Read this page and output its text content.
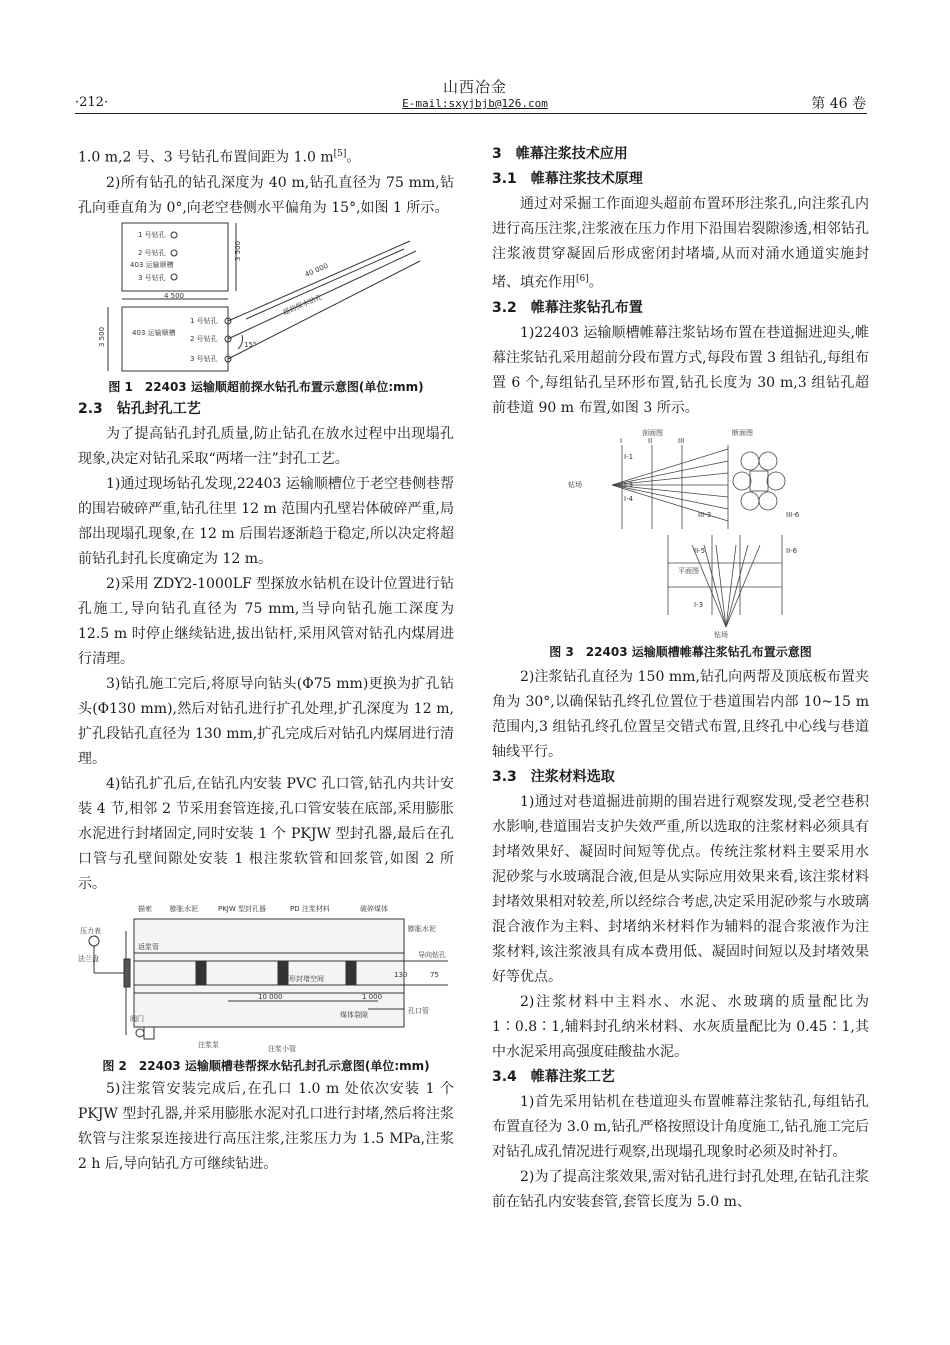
山西冶金
E-mail:sxyjbjb@126.com
·212·	第 46 卷

1.0 m,2 号、3 号钻孔布置间距为 1.0 m[5]。

2)所有钻孔的钻孔深度为 40 m,钻孔直径为 75 mm,钻孔向垂直角为 0°,向老空巷侧水平偏角为 15°,如图 1 所示。

1 号钻孔
2 号钻孔
403 运输顺槽
3 号钻孔
4 500
3 500
3 500
40 000
超前探水钻孔
1 号钻孔
2 号钻孔
3 号钻孔
403 运输顺槽
15°
图 1　22403 运输顺超前探水钻孔布置示意图(单位:mm)
2.3　钻孔封孔工艺

为了提高钻孔封孔质量,防止钻孔在放水过程中出现塌孔现象,决定对钻孔采取“两堵一注”封孔工艺。

1)通过现场钻孔发现,22403 运输顺槽位于老空巷侧巷帮的围岩破碎严重,钻孔往里 12 m 范围内孔壁岩体破碎严重,局部出现塌孔现象,在 12 m 后围岩逐渐趋于稳定,所以决定将超前钻孔封孔长度确定为 12 m。

2)采用 ZDY2-1000LF 型探放水钻机在设计位置进行钻孔施工,导向钻孔直径为 75 mm,当导向钻孔施工深度为 12.5 m 时停止继续钻进,拔出钻杆,采用风管对钻孔内煤屑进行清理。

3)钻孔施工完后,将原导向钻头(Φ75 mm)更换为扩孔钻头(Φ130 mm),然后对钻孔进行扩孔处理,扩孔深度为 12 m,扩孔段钻孔直径为 130 mm,扩孔完成后对钻孔内煤屑进行清理。

4)钻孔扩孔后,在钻孔内安装 PVC 孔口管,钻孔内共计安装 4 节,相邻 2 节采用套管连接,孔口管安装在底部,采用膨胀水泥进行封堵固定,同时安装 1 个 PKJW 型封孔器,最后在孔口管与孔壁间隙处安装 1 根注浆软管和回浆管,如图 2 所示。

描索	膨胀水泥	PKJW 型封孔器	PD 注浆材料	破碎煤体
压力表
返浆管
法兰盘
膨胀水泥
导向钻孔
环形封堵空间
阀门
孔口管
煤体裂隙
注浆泵	注浆小管
10 000	1 000
130	75
图 2　22403 运输顺槽巷帮探水钻孔封孔示意图(单位:mm)

5)注浆管安装完成后,在孔口 1.0 m 处依次安装 1 个 PKJW 型封孔器,并采用膨胀水泥对孔口进行封堵,然后将注浆软管与注浆泵连接进行高压注浆,注浆压力为 1.5 MPa,注浆 2 h 后,导向钻孔方可继续钻进。

3　帷幕注浆技术应用
3.1　帷幕注浆技术原理

通过对采掘工作面迎头超前布置环形注浆孔,向注浆孔内进行高压注浆,注浆液在压力作用下沿围岩裂隙渗透,相邻钻孔注浆液贯穿凝固后形成密闭封堵墙,从而对涌水通道实施封堵、填充作用[6]。

3.2　帷幕注浆钻孔布置

1)22403 运输顺槽帷幕注浆钻场布置在巷道掘进迎头,帷幕注浆钻孔采用超前分段布置方式,每段布置 3 组钻孔,每组布置 6 个,每组钻孔呈环形布置,钻孔长度为 30 m,3 组钻孔超前巷道 90 m 布置,如图 3 所示。

剖面图	断面图
钻场
平面图
钻场
I	II	III
I-1
I-3
I-4
III-3	III-6
II-5	II-6
I-3
图 3　22403 运输顺槽帷幕注浆钻孔布置示意图

2)注浆钻孔直径为 150 mm,钻孔向两帮及顶底板布置夹角为 30°,以确保钻孔终孔位置位于巷道围岩内部 10~15 m 范围内,3 组钻孔终孔位置呈交错式布置,且终孔中心线与巷道轴线平行。

3.3　注浆材料选取

1)通过对巷道掘进前期的围岩进行观察发现,受老空巷积水影响,巷道围岩支护失效严重,所以选取的注浆材料必须具有封堵效果好、凝固时间短等优点。传统注浆材料主要采用水泥砂浆与水玻璃混合液,但是从实际应用效果来看,该注浆材料封堵效果相对较差,所以经综合考虑,决定采用泥砂浆与水玻璃混合液作为主料、封堵纳米材料作为辅料的混合浆液作为注浆材料,该注浆液具有成本费用低、凝固时间短以及封堵效果好等优点。

2)注浆材料中主料水、水泥、水玻璃的质量配比为 1∶0.8∶1,辅料封孔纳米材料、水灰质量配比为 0.45∶1,其中水泥采用高强度硅酸盐水泥。

3.4　帷幕注浆工艺

1)首先采用钻机在巷道迎头布置帷幕注浆钻孔,每组钻孔布置直径为 3.0 m,钻孔严格按照设计角度施工,钻孔施工完后对钻孔成孔情况进行观察,出现塌孔现象时必须及时补打。

2)为了提高注浆效果,需对钻孔进行封孔处理,在钻孔注浆前在钻孔内安装套管,套管长度为 5.0 m、
